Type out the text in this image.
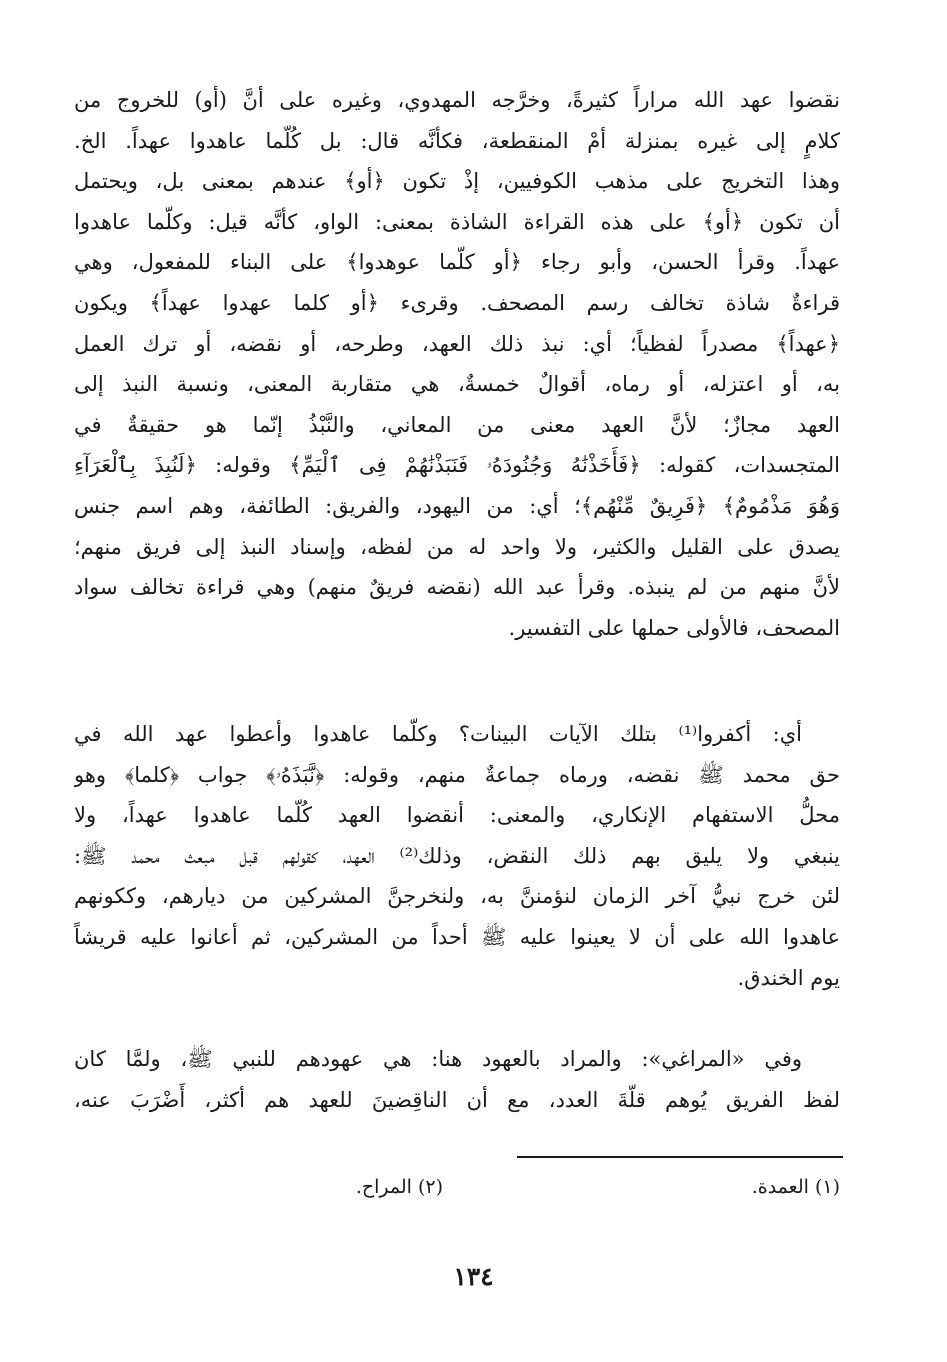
نقضوا عهد الله مراراً كثيرةً، وخرَّجه المهدوي، وغيره على أنَّ (أو) للخروج من
كلامٍ إلى غيره بمنزلة أمْ المنقطعة، فكأنَّه قال: بل كُلّما عاهدوا عهداً. الخ.
وهذا التخريج على مذهب الكوفيين، إذْ تكون ﴿أو﴾ عندهم بمعنى بل، ويحتمل
أن تكون ﴿أو﴾ على هذه القراءة الشاذة بمعنى: الواو، كأنَّه قيل: وكلّما عاهدوا
عهداً. وقرأ الحسن، وأبو رجاء ﴿أو كلّما عوهدوا﴾ على البناء للمفعول، وهي
قراءةٌ شاذة تخالف رسم المصحف. وقرىء ﴿أو كلما عهدوا عهداً﴾ ويكون
﴿عهداً﴾ مصدراً لفظياً؛ أي: نبذ ذلك العهد، وطرحه، أو نقضه، أو ترك العمل
به، أو اعتزله، أو رماه، أقوالٌ خمسةٌ، هي متقاربة المعنى، ونسبة النبذ إلى
العهد مجازٌ؛ لأنَّ العهد معنى من المعاني، والنَّبْذُ إنّما هو حقيقةٌ في
المتجسدات، كقوله: ﴿فَأَخَذْنَٰهُ وَجُنُودَهُۥ فَنَبَذْنَٰهُمْ فِى ٱلْيَمِّ﴾ وقوله: ﴿لَنُبِذَ بِٱلْعَرَآءِ
وَهُوَ مَذْمُومٌ﴾ ﴿فَرِيقٌ مِّنْهُم﴾؛ أي: من اليهود، والفريق: الطائفة، وهم اسم جنس
يصدق على القليل والكثير، ولا واحد له من لفظه، وإسناد النبذ إلى فريق منهم؛
لأنَّ منهم من لم ينبذه. وقرأ عبد الله (نقضه فريقٌ منهم) وهي قراءة تخالف سواد
المصحف، فالأولى حملها على التفسير.
أي: أكفروا⁽¹⁾ بتلك الآيات البينات؟ وكلّما عاهدوا وأعطوا عهد الله في
حق محمد ﷺ نقضه، ورماه جماعةٌ منهم، وقوله: ﴿نَّبَذَهُۥ﴾ جواب ﴿كلما﴾ وهو
محلُّ الاستفهام الإنكاري، والمعنى: أنقضوا العهد كُلّما عاهدوا عهداً، ولا
ينبغي ولا يليق بهم ذلك النقض، وذلك⁽²⁾ العهد، كقولهم قبل مبعث محمد ﷺ:
لئن خرج نبيُّ آخر الزمان لنؤمننَّ به، ولنخرجنَّ المشركين من ديارهم، وككونهم
عاهدوا الله على أن لا يعينوا عليه ﷺ أحداً من المشركين، ثم أعانوا عليه قريشاً
يوم الخندق.
وفي «المراغي»: والمراد بالعهود هنا: هي عهودهم للنبي ﷺ، ولمَّا كان
لفظ الفريق يُوهم قلّةَ العدد، مع أن الناقِضينَ للعهد هم أكثر، أَضْرَبَ عنه،
(١) العمدة.
(٢) المراح.
١٣٤
